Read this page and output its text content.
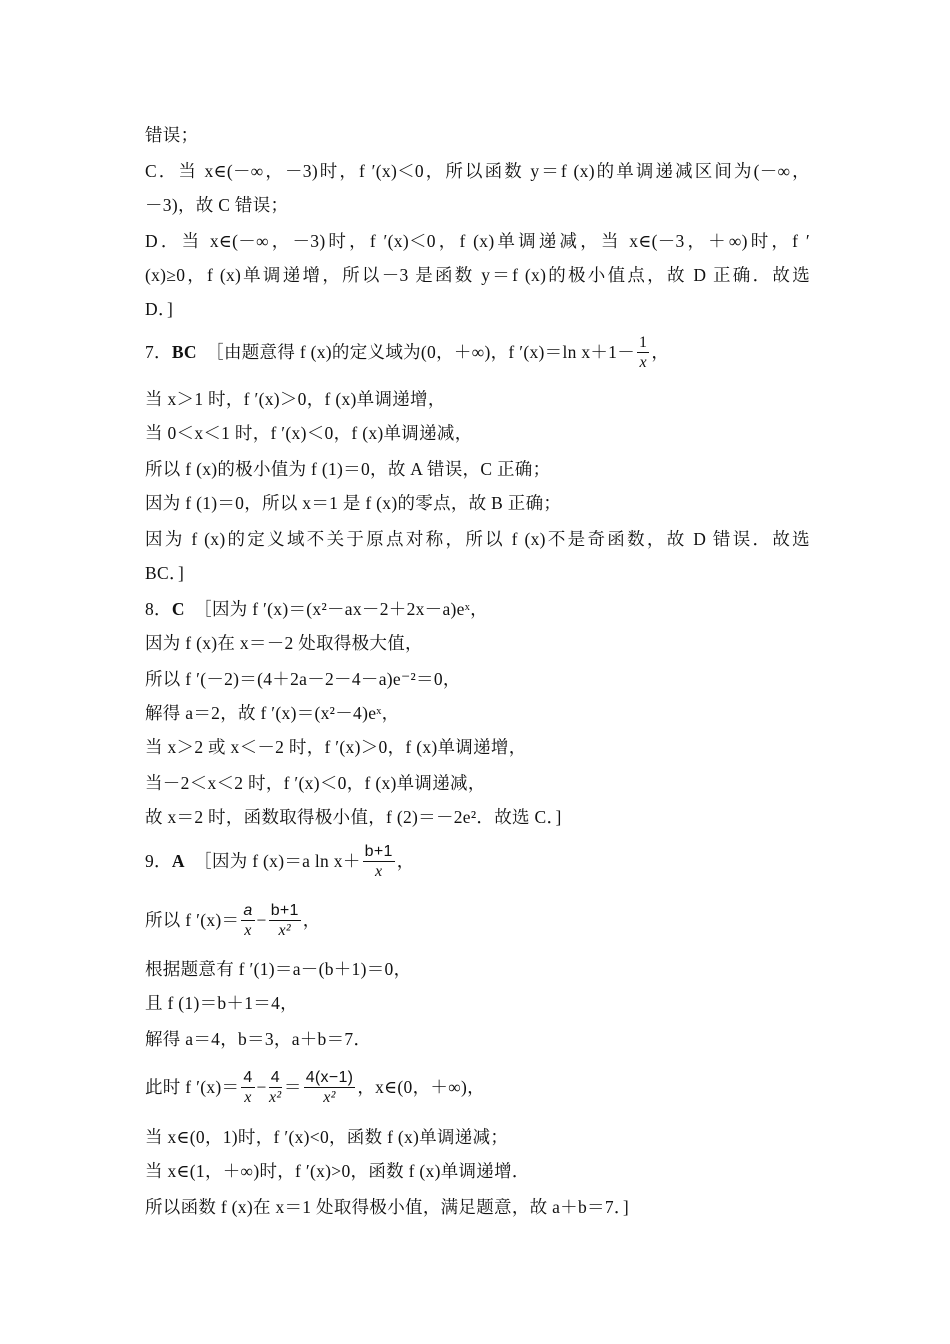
错误；
C．当 x∈(－∞，－3)时，f ′(x)＜0，所以函数 y＝f (x)的单调递减区间为(－∞，
－3)，故 C 错误；
D．当 x∈(－∞，－3)时，f ′(x)＜0，f (x)单调递减，当 x∈(－3，＋∞)时，f ′
(x)≥0，f (x)单调递增，所以－3 是函数 y＝f (x)的极小值点，故 D 正确．故选
D．]
7．BC ［由题意得 f (x)的定义域为(0，＋∞)，f ′(x)＝ln $x+1- \frac{1}{x}$ ，
当 x＞1 时，f ′(x)＞0，f (x)单调递增，
当 0＜x＜1 时，f ′(x)＜0，f (x)单调递减，
所以 f (x)的极小值为 f (1)＝0，故 A 错误，C 正确；
因为 f (1)＝0，所以 x＝1 是 f (x)的零点，故 B 正确；
因为 f (x)的定义域不关于原点对称，所以 f (x)不是奇函数，故 D 错误．故选
BC．]
8．C ［因为 f ′(x)＝(x²－ax－2＋2x－a)eˣ，
因为 f (x)在 x＝－2 处取得极大值，
所以 f ′(－2)＝(4＋2a－2－4－a)e⁻²＝0，
解得 a＝2，故 f ′(x)＝(x²－4)eˣ，
当 x＞2 或 x＜－2 时，f ′(x)＞0，f (x)单调递增，
当－2＜x＜2 时，f ′(x)＜0，f (x)单调递减，
故 x＝2 时，函数取得极小值，f (2)＝－2e²．故选 C．]
9．A ［因为 f (x)＝a $\ln x+ \frac{b+1}{x}$ ，
所以 f $'(x)= \frac{a}{x} - \frac{b+1}{\text{x²}}$ ，
根据题意有 f ′(1)＝a－(b＋1)＝0，
且 f (1)＝b＋1＝4，
解得 a＝4，b＝3，a＋b＝7．
此时 f $'(x)= \frac{4}{x} - \frac{4}{\text{x²}} = \frac{4(x-1)}{\text{x²}}$ ，x∈(0，＋∞)，
当 x∈(0，1)时，f ′(x)<0，函数 f (x)单调递减；
当 x∈(1，＋∞)时，f ′(x)>0，函数 f (x)单调递增．
所以函数 f (x)在 x＝1 处取得极小值，满足题意，故 a＋b＝7．]
